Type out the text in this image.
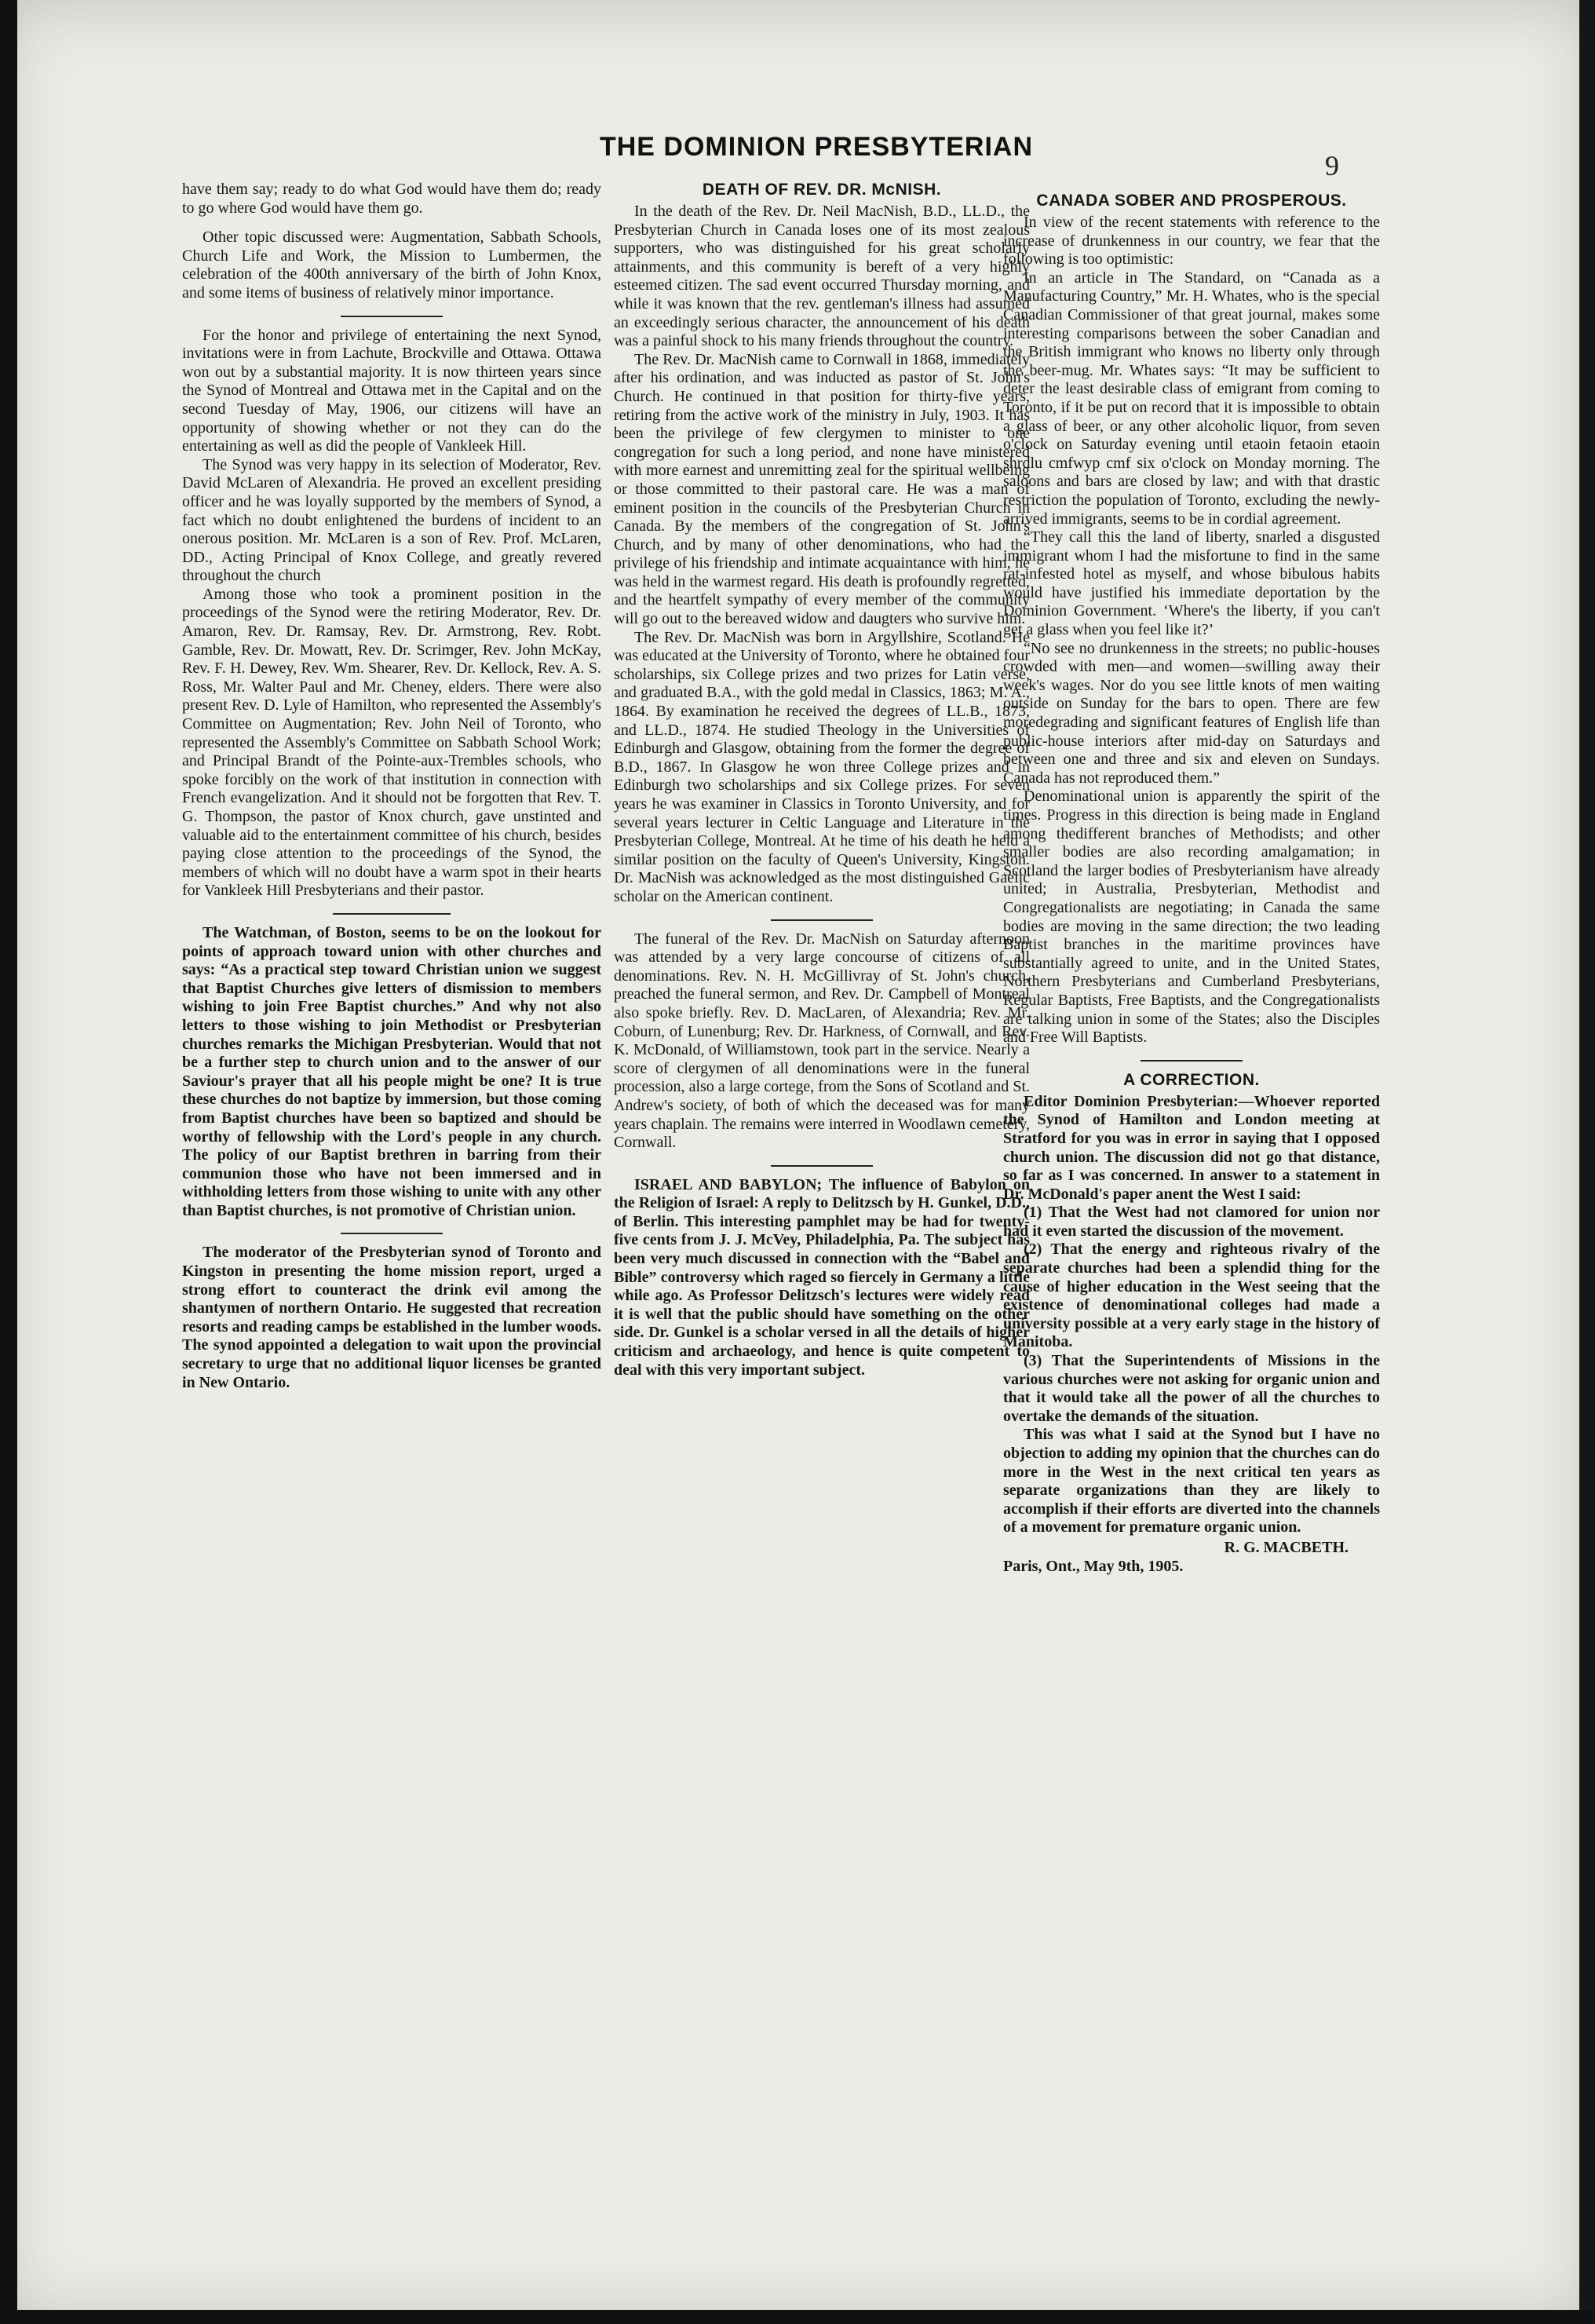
THE DOMINION PRESBYTERIAN
9

have them say; ready to do what God would have them do; ready to go where God would have them go.

Other topic discussed were: Augmentation, Sabbath Schools, Church Life and Work, the Mission to Lumbermen, the celebration of the 400th anniversary of the birth of John Knox, and some items of business of relatively minor importance.

For the honor and privilege of entertaining the next Synod, invitations were in from Lachute, Brockville and Ottawa. Ottawa won out by a substantial majority. It is now thirteen years since the Synod of Montreal and Ottawa met in the Capital and on the second Tuesday of May, 1906, our citizens will have an opportunity of showing whether or not they can do the entertaining as well as did the people of Vankleek Hill.

The Synod was very happy in its selection of Moderator, Rev. David McLaren of Alexandria. He proved an excellent presiding officer and he was loyally supported by the members of Synod, a fact which no doubt enlightened the burdens of incident to an onerous position. Mr. McLaren is a son of Rev. Prof. McLaren, DD., Acting Principal of Knox College, and greatly revered throughout the church

Among those who took a prominent position in the proceedings of the Synod were the retiring Moderator, Rev. Dr. Amaron, Rev. Dr. Ramsay, Rev. Dr. Armstrong, Rev. Robt. Gamble, Rev. Dr. Mowatt, Rev. Dr. Scrimger, Rev. John McKay, Rev. F. H. Dewey, Rev. Wm. Shearer, Rev. Dr. Kellock, Rev. A. S. Ross, Mr. Walter Paul and Mr. Cheney, elders. There were also present Rev. D. Lyle of Hamilton, who represented the Assembly's Committee on Augmentation; Rev. John Neil of Toronto, who represented the Assembly's Committee on Sabbath School Work; and Principal Brandt of the Pointe-aux-Trembles schools, who spoke forcibly on the work of that institution in connection with French evangelization. And it should not be forgotten that Rev. T. G. Thompson, the pastor of Knox church, gave unstinted and valuable aid to the entertainment committee of his church, besides paying close attention to the proceedings of the Synod, the members of which will no doubt have a warm spot in their hearts for Vankleek Hill Presbyterians and their pastor.

The Watchman, of Boston, seems to be on the lookout for points of approach toward union with other churches and says: “As a practical step toward Christian union we suggest that Baptist Churches give letters of dismission to members wishing to join Free Baptist churches.” And why not also letters to those wishing to join Methodist or Presbyterian churches remarks the Michigan Presbyterian. Would that not be a further step to church union and to the answer of our Saviour's prayer that all his people might be one? It is true these churches do not baptize by immersion, but those coming from Baptist churches have been so baptized and should be worthy of fellowship with the Lord's people in any church. The policy of our Baptist brethren in barring from their communion those who have not been immersed and in withholding letters from those wishing to unite with any other than Baptist churches, is not promotive of Christian union.

The moderator of the Presbyterian synod of Toronto and Kingston in presenting the home mission report, urged a strong effort to counteract the drink evil among the shantymen of northern Ontario. He suggested that recreation resorts and reading camps be established in the lumber woods. The synod appointed a delegation to wait upon the provincial secretary to urge that no additional liquor licenses be granted in New Ontario.

DEATH OF REV. DR. McNISH.

In the death of the Rev. Dr. Neil MacNish, B.D., LL.D., the Presbyterian Church in Canada loses one of its most zealous supporters, who was distinguished for his great scholarly attainments, and this community is bereft of a very highly esteemed citizen. The sad event occurred Thursday morning, and while it was known that the rev. gentleman's illness had assumed an exceedingly serious character, the announcement of his death was a painful shock to his many friends throughout the country.

The Rev. Dr. MacNish came to Cornwall in 1868, immediately after his ordination, and was inducted as pastor of St. John's Church. He continued in that position for thirty-five years, retiring from the active work of the ministry in July, 1903. It has been the privilege of few clergymen to minister to one congregation for such a long period, and none have ministered with more earnest and unremitting zeal for the spiritual wellbeing or those committed to their pastoral care. He was a man of eminent position in the councils of the Presbyterian Church in Canada. By the members of the congregation of St. John's Church, and by many of other denominations, who had the privilege of his friendship and intimate acquaintance with him, he was held in the warmest regard. His death is profoundly regretted, and the heartfelt sympathy of every member of the community will go out to the bereaved widow and daugters who survive him.

The Rev. Dr. MacNish was born in Argyllshire, Scotland. He was educated at the University of Toronto, where he obtained four scholarships, six College prizes and two prizes for Latin verse, and graduated B.A., with the gold medal in Classics, 1863; M. A., 1864. By examination he received the degrees of LL.B., 1873, and LL.D., 1874. He studied Theology in the Universities of Edinburgh and Glasgow, obtaining from the former the degree of B.D., 1867. In Glasgow he won three College prizes and in Edinburgh two scholarships and six College prizes. For seven years he was examiner in Classics in Toronto University, and for several years lecturer in Celtic Language and Literature in the Presbyterian College, Montreal. At he time of his death he held a similar position on the faculty of Queen's University, Kingston. Dr. MacNish was acknowledged as the most distinguished Gaelic scholar on the American continent.

The funeral of the Rev. Dr. MacNish on Saturday afternoon was attended by a very large concourse of citizens of all denominations. Rev. N. H. McGillivray of St. John's church, preached the funeral sermon, and Rev. Dr. Campbell of Montreal also spoke briefly. Rev. D. MacLaren, of Alexandria; Rev. Mr. Coburn, of Lunenburg; Rev. Dr. Harkness, of Cornwall, and Rev. K. McDonald, of Williamstown, took part in the service. Nearly a score of clergymen of all denominations were in the funeral procession, also a large cortege, from the Sons of Scotland and St. Andrew's society, of both of which the deceased was for many years chaplain. The remains were interred in Woodlawn cemetery, Cornwall.

ISRAEL AND BABYLON; The influence of Babylon on the Religion of Israel: A reply to Delitzsch by H. Gunkel, D.D., of Berlin. This interesting pamphlet may be had for twenty-five cents from J. J. McVey, Philadelphia, Pa. The subject has been very much discussed in connection with the “Babel and Bible” controversy which raged so fiercely in Germany a little while ago. As Professor Delitzsch's lectures were widely read it is well that the public should have something on the other side. Dr. Gunkel is a scholar versed in all the details of higher criticism and archaeology, and hence is quite competent to deal with this very important subject.

CANADA SOBER AND PROSPEROUS.

In view of the recent statements with reference to the increase of drunkenness in our country, we fear that the following is too optimistic:

In an article in The Standard, on “Canada as a Manufacturing Country,” Mr. H. Whates, who is the special Canadian Commissioner of that great journal, makes some interesting comparisons between the sober Canadian and the British immigrant who knows no liberty only through the beer-mug. Mr. Whates says: “It may be sufficient to deter the least desirable class of emigrant from coming to Toronto, if it be put on record that it is impossible to obtain a glass of beer, or any other alcoholic liquor, from seven o'clock on Saturday evening until etaoin fetaoin etaoin shrdlu cmfwyp cmf six o'clock on Monday morning. The saloons and bars are closed by law; and with that drastic restriction the population of Toronto, excluding the newly-arrived immigrants, seems to be in cordial agreement.

“They call this the land of liberty, snarled a disgusted immigrant whom I had the misfortune to find in the same rat-infested hotel as myself, and whose bibulous habits would have justified his immediate deportation by the Dominion Government. ‘Where's the liberty, if you can't get a glass when you feel like it?’

“No see no drunkenness in the streets; no public-houses crowded with men—and women—swilling away their week's wages. Nor do you see little knots of men waiting outside on Sunday for the bars to open. There are few moredegrading and significant features of English life than public-house interiors after mid-day on Saturdays and between one and three and six and eleven on Sundays. Canada has not reproduced them.”

Denominational union is apparently the spirit of the times. Progress in this direction is being made in England among thedifferent branches of Methodists; and other smaller bodies are also recording amalgamation; in Scotland the larger bodies of Presbyterianism have already united; in Australia, Presbyterian, Methodist and Congregationalists are negotiating; in Canada the same bodies are moving in the same direction; the two leading Baptist branches in the maritime provinces have substantially agreed to unite, and in the United States, Northern Presbyterians and Cumberland Presbyterians, Regular Baptists, Free Baptists, and the Congregationalists are talking union in some of the States; also the Disciples and Free Will Baptists.

A CORRECTION.

Editor Dominion Presbyterian:—Whoever reported the Synod of Hamilton and London meeting at Stratford for you was in error in saying that I opposed church union. The discussion did not go that distance, so far as I was concerned. In answer to a statement in Dr. McDonald's paper anent the West I said:

(1) That the West had not clamored for union nor had it even started the discussion of the movement.

(2) That the energy and righteous rivalry of the separate churches had been a splendid thing for the cause of higher education in the West seeing that the existence of denominational colleges had made a university possible at a very early stage in the history of Manitoba.

(3) That the Superintendents of Missions in the various churches were not asking for organic union and that it would take all the power of all the churches to overtake the demands of the situation.

This was what I said at the Synod but I have no objection to adding my opinion that the churches can do more in the West in the next critical ten years as separate organizations than they are likely to accomplish if their efforts are diverted into the channels of a movement for premature organic union.

R. G. MACBETH.

Paris, Ont., May 9th, 1905.
